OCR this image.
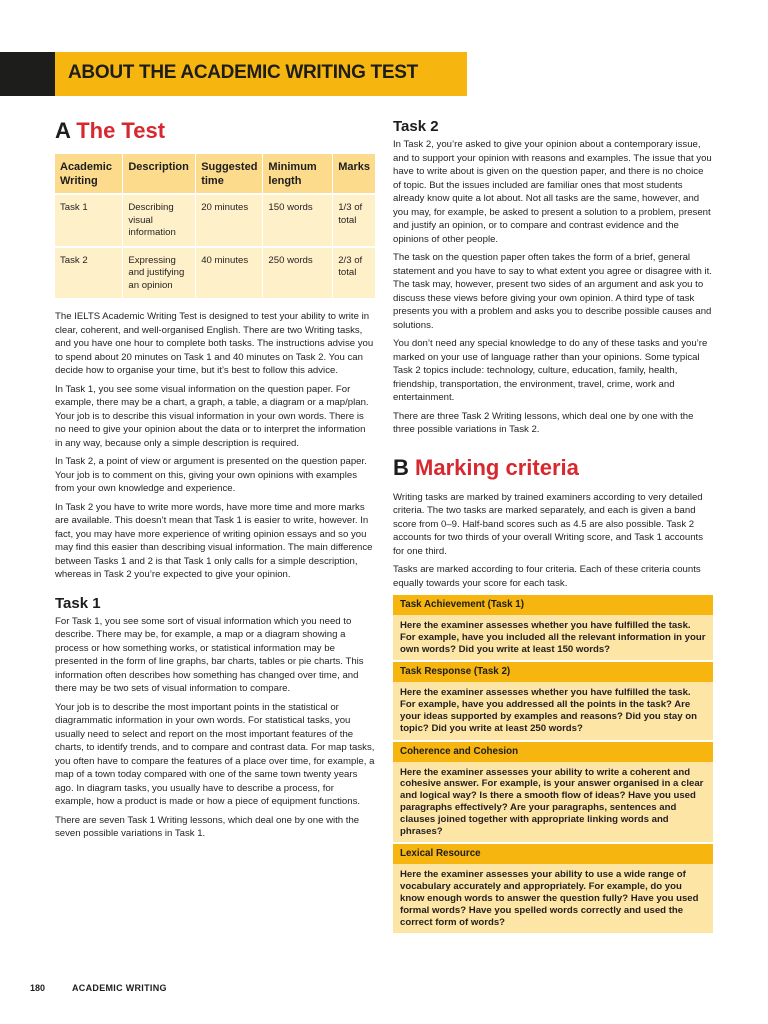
ABOUT THE ACADEMIC WRITING TEST
A The Test
Academic Writing	Description	Suggested time	Minimum length	Marks
Task 1	Describing visual information	20 minutes	150 words	1/3 of total
Task 2	Expressing and justifying an opinion	40 minutes	250 words	2/3 of total

The IELTS Academic Writing Test is designed to test your ability to write in clear, coherent, and well-organised English. There are two Writing tasks, and you have one hour to complete both tasks. The instructions advise you to spend about 20 minutes on Task 1 and 40 minutes on Task 2. You can decide how to organise your time, but it’s best to follow this advice.

In Task 1, you see some visual information on the question paper. For example, there may be a chart, a graph, a table, a diagram or a map/plan. Your job is to describe this visual information in your own words. There is no need to give your opinion about the data or to interpret the information in any way, because only a simple description is required.

In Task 2, a point of view or argument is presented on the question paper. Your job is to comment on this, giving your own opinions with examples from your own knowledge and experience.

In Task 2 you have to write more words, have more time and more marks are available. This doesn’t mean that Task 1 is easier to write, however. In fact, you may have more experience of writing opinion essays and so you may find this easier than describing visual information. The main difference between Tasks 1 and 2 is that Task 1 only calls for a simple description, whereas in Task 2 you’re expected to give your opinion.

Task 1

For Task 1, you see some sort of visual information which you need to describe. There may be, for example, a map or a diagram showing a process or how something works, or statistical information may be presented in the form of line graphs, bar charts, tables or pie charts. This information often describes how something has changed over time, and there may be two sets of visual information to compare.

Your job is to describe the most important points in the statistical or diagrammatic information in your own words. For statistical tasks, you usually need to select and report on the most important features of the charts, to identify trends, and to compare and contrast data. For map tasks, you often have to compare the features of a place over time, for example, a map of a town today compared with one of the same town twenty years ago. In diagram tasks, you usually have to describe a process, for example, how a product is made or how a piece of equipment functions.

There are seven Task 1 Writing lessons, which deal one by one with the seven possible variations in Task 1.

Task 2

In Task 2, you’re asked to give your opinion about a contemporary issue, and to support your opinion with reasons and examples. The issue that you have to write about is given on the question paper, and there is no choice of topic. But the issues included are familiar ones that most students already know quite a lot about. Not all tasks are the same, however, and you may, for example, be asked to present a solution to a problem, present and justify an opinion, or to compare and contrast evidence and the opinions of other people.

The task on the question paper often takes the form of a brief, general statement and you have to say to what extent you agree or disagree with it. The task may, however, present two sides of an argument and ask you to discuss these views before giving your own opinion. A third type of task presents you with a problem and asks you to describe possible causes and solutions.

You don’t need any special knowledge to do any of these tasks and you’re marked on your use of language rather than your opinions. Some typical Task 2 topics include: technology, culture, education, family, health, friendship, transportation, the environment, travel, crime, work and entertainment.

There are three Task 2 Writing lessons, which deal one by one with the three possible variations in Task 2.

B Marking criteria

Writing tasks are marked by trained examiners according to very detailed criteria. The two tasks are marked separately, and each is given a band score from 0–9. Half-band scores such as 4.5 are also possible. Task 2 accounts for two thirds of your overall Writing score, and Task 1 accounts for one third.

Tasks are marked according to four criteria. Each of these criteria counts equally towards your score for each task.

Task Achievement (Task 1)
Here the examiner assesses whether you have fulfilled the task. For example, have you included all the relevant information in your own words? Did you write at least 150 words?
Task Response (Task 2)
Here the examiner assesses whether you have fulfilled the task. For example, have you addressed all the points in the task? Are your ideas supported by examples and reasons? Did you stay on topic? Did you write at least 250 words?
Coherence and Cohesion
Here the examiner assesses your ability to write a coherent and cohesive answer. For example, is your answer organised in a clear and logical way? Is there a smooth flow of ideas? Have you used paragraphs effectively? Are your paragraphs, sentences and clauses joined together with appropriate linking words and phrases?
Lexical Resource
Here the examiner assesses your ability to use a wide range of vocabulary accurately and appropriately. For example, do you know enough words to answer the question fully? Have you used formal words? Have you spelled words correctly and used the correct form of words?
180	ACADEMIC WRITING
